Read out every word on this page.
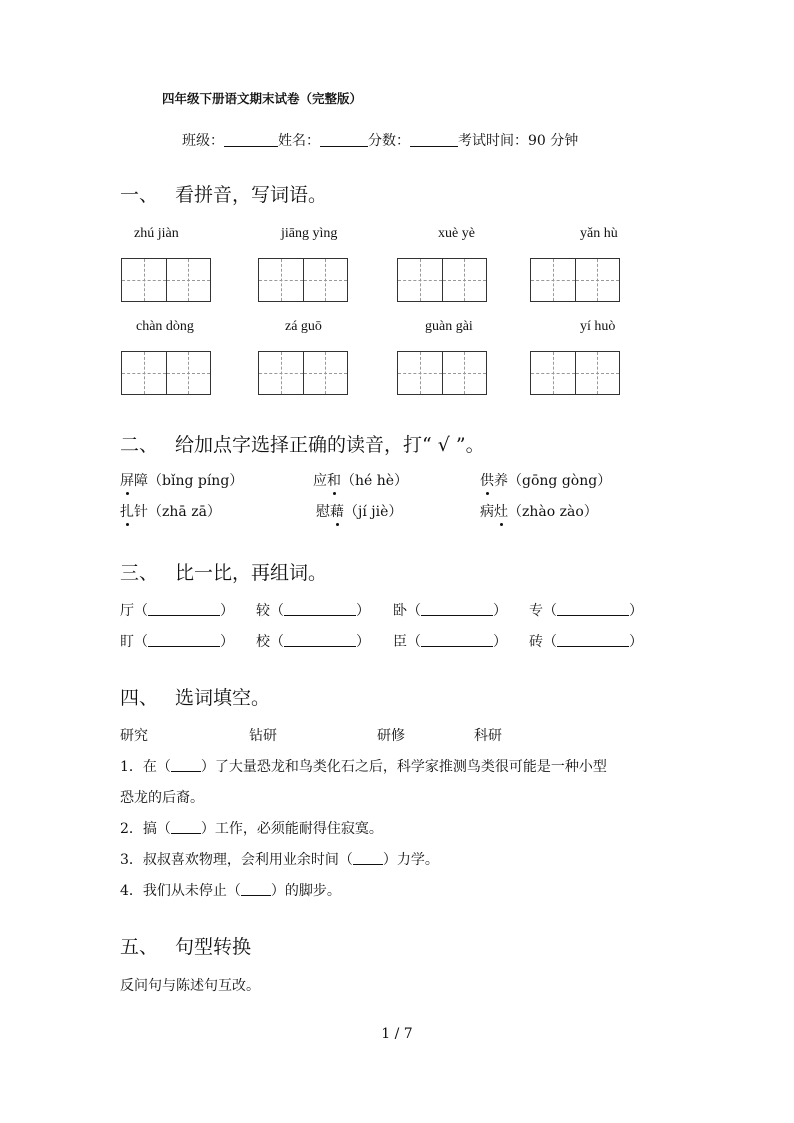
四年级下册语文期末试卷（完整版）
班级：	姓名：	分数：	考试时间：90 分钟
一、 看拼音，写词语。
zhú jiàn	jiāng yìng	xuè yè	yǎn hù
chàn dòng	zá guō	guàn gài	yí huò
二、 给加点字选择正确的读音，打“ √ ”。
屏障（bǐng píng）	应和（hé hè）	供养（gōng gòng）
扎针（zhā zā）	慰藉（jí jiè）	病灶（zhào zào）
三、 比一比，再组词。
厅（	） 较（	） 卧（	） 专（	）
盯（	） 校（	） 臣（	） 砖（	）
四、 选词填空。
研究	钻研	研修	科研
1．在（ ）了大量恐龙和鸟类化石之后，科学家推测鸟类很可能是一种小型
恐龙的后裔。
2．搞（ ）工作，必须能耐得住寂寞。
3．叔叔喜欢物理，会利用业余时间（ ）力学。
4．我们从未停止（ ）的脚步。
五、 句型转换
反问句与陈述句互改。
1 / 7
